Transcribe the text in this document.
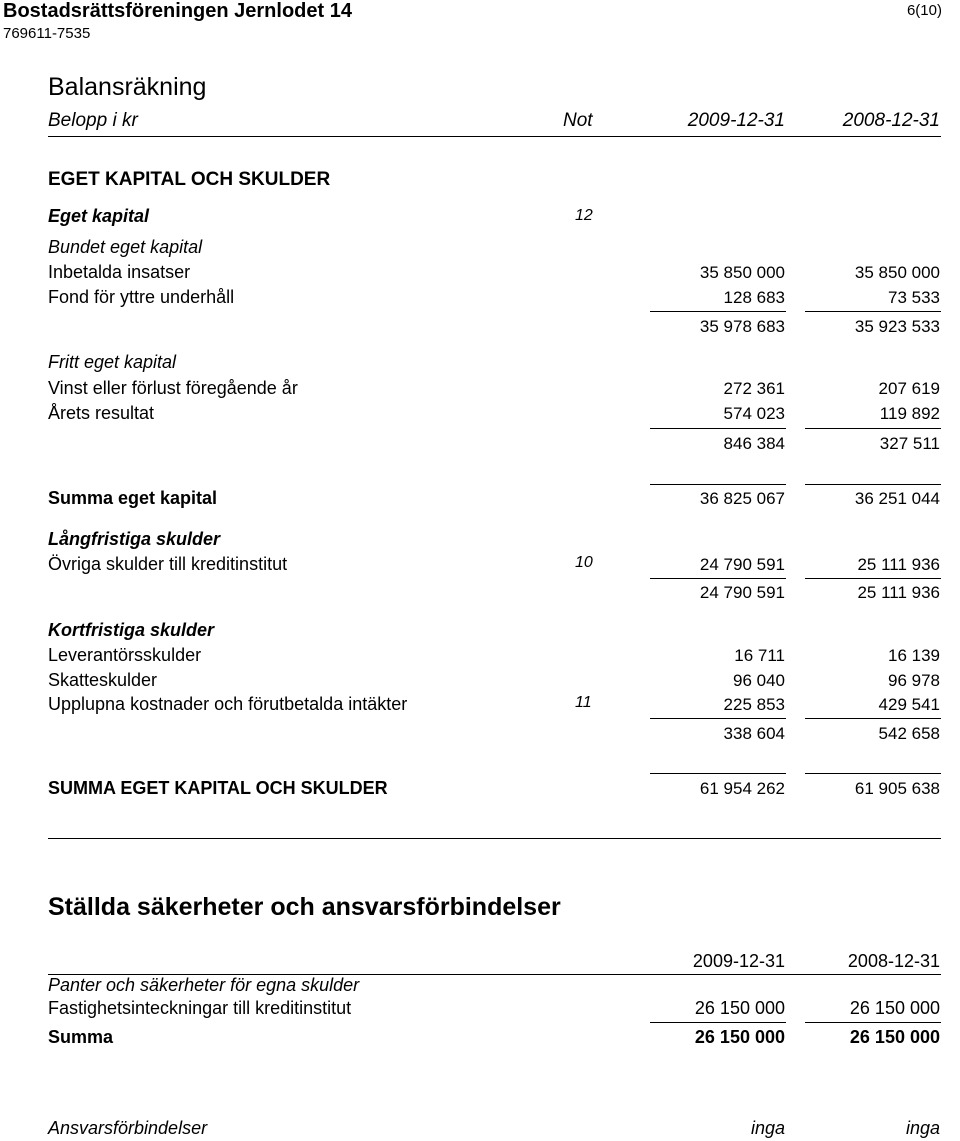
Bostadsrättsföreningen Jernlodet 14
769611-7535
6(10)
Balansräkning
Belopp i kr	Not	2009-12-31	2008-12-31
EGET KAPITAL OCH SKULDER
Eget kapital	12
Bundet eget kapital
Inbetalda insatser	35 850 000	35 850 000
Fond för yttre underhåll	128 683	73 533
35 978 683	35 923 533
Fritt eget kapital
Vinst eller förlust föregående år	272 361	207 619
Årets resultat	574 023	119 892
846 384	327 511
Summa eget kapital	36 825 067	36 251 044
Långfristiga skulder
Övriga skulder till kreditinstitut	10	24 790 591	25 111 936
24 790 591	25 111 936
Kortfristiga skulder
Leverantörsskulder	16 711	16 139
Skatteskulder	96 040	96 978
Upplupna kostnader och förutbetalda intäkter	11	225 853	429 541
338 604	542 658
SUMMA EGET KAPITAL OCH SKULDER	61 954 262	61 905 638
Ställda säkerheter och ansvarsförbindelser
2009-12-31	2008-12-31
Panter och säkerheter för egna skulder
Fastighetsinteckningar till kreditinstitut	26 150 000	26 150 000
Summa	26 150 000	26 150 000
Ansvarsförbindelser	inga	inga
